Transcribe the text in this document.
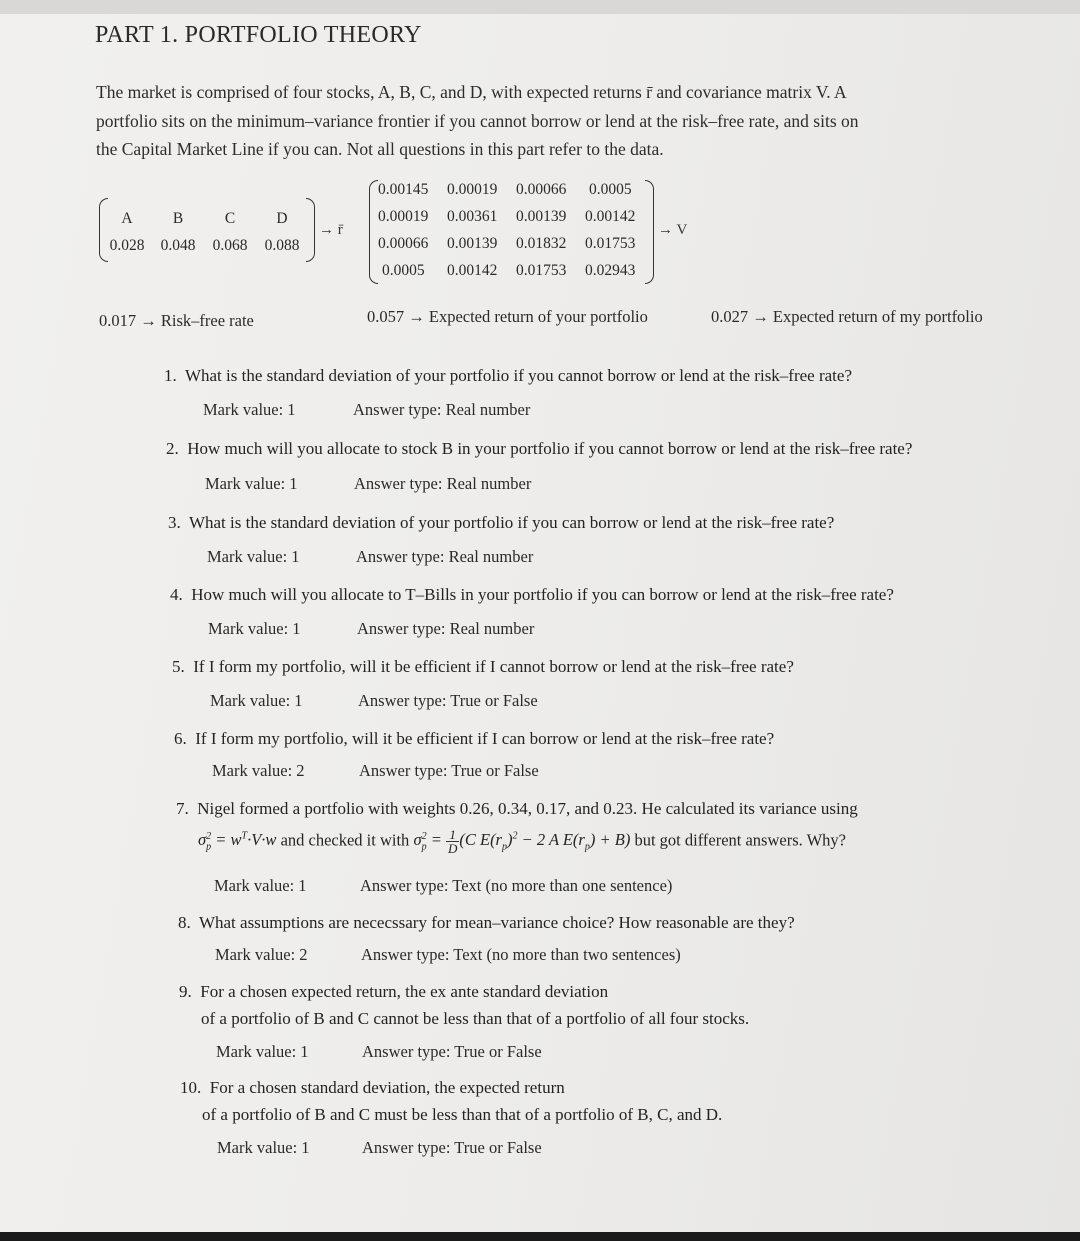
PART 1. PORTFOLIO THEORY
The market is comprised of four stocks, A, B, C, and D, with expected returns r̄ and covariance matrix V. A portfolio sits on the minimum–variance frontier if you cannot borrow or lend at the risk–free rate, and sits on the Capital Market Line if you can. Not all questions in this part refer to the data.
A	B	C	D
0.028	0.048	0.068	0.088
→ r̄
0.00145	0.00019	0.00066	0.0005
0.00019	0.00361	0.00139	0.00142
0.00066	0.00139	0.01832	0.01753
0.0005	0.00142	0.01753	0.02943
→ V
0.017 → Risk–free rate	0.057 → Expected return of your portfolio	0.027 → Expected return of my portfolio
1. What is the standard deviation of your portfolio if you cannot borrow or lend at the risk–free rate?
Mark value: 1	Answer type: Real number
2. How much will you allocate to stock B in your portfolio if you cannot borrow or lend at the risk–free rate?
Mark value: 1	Answer type: Real number
3. What is the standard deviation of your portfolio if you can borrow or lend at the risk–free rate?
Mark value: 1	Answer type: Real number
4. How much will you allocate to T–Bills in your portfolio if you can borrow or lend at the risk–free rate?
Mark value: 1	Answer type: Real number
5. If I form my portfolio, will it be efficient if I cannot borrow or lend at the risk–free rate?
Mark value: 1	Answer type: True or False
6. If I form my portfolio, will it be efficient if I can borrow or lend at the risk–free rate?
Mark value: 2	Answer type: True or False
7. Nigel formed a portfolio with weights 0.26, 0.34, 0.17, and 0.23. He calculated its variance using
$\sigma_p^2 = w^T\cdot V\cdot w$ and checked it with $\sigma_p^2 = 1$
D (C $E(r_p)^2 - 2$ A $E(r_p) + B$) but got different answers. Why?
Mark value: 1	Answer type: Text (no more than one sentence)
8. What assumptions are nececssary for mean–variance choice? How reasonable are they?
Mark value: 2	Answer type: Text (no more than two sentences)
9. For a chosen expected return, the ex ante standard deviation
of a portfolio of B and C cannot be less than that of a portfolio of all four stocks.
Mark value: 1	Answer type: True or False
10. For a chosen standard deviation, the expected return
of a portfolio of B and C must be less than that of a portfolio of B, C, and D.
Mark value: 1	Answer type: True or False
